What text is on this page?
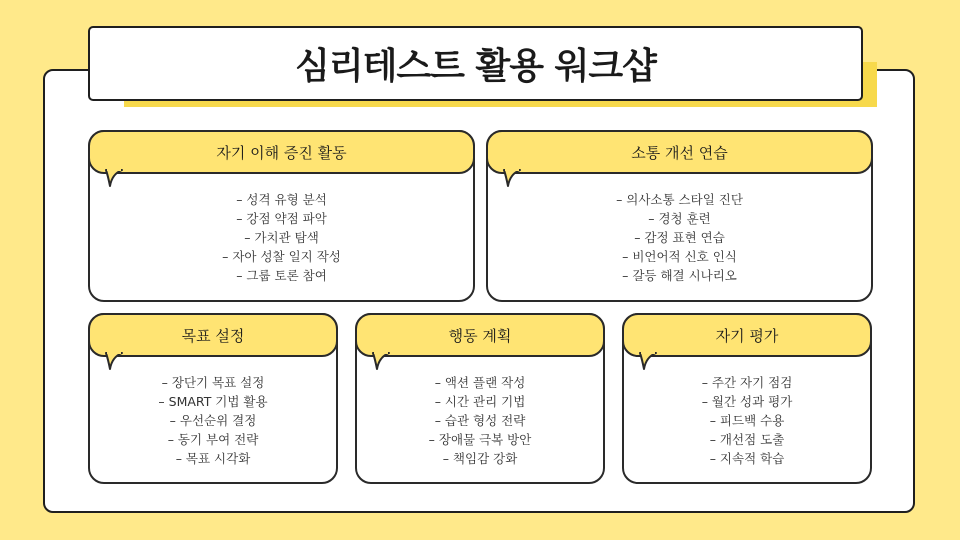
심리테스트 활용 워크샵
자기 이해 증진 활동
– 성격 유형 분석
– 강점 약점 파악
– 가치관 탐색
– 자아 성찰 일지 작성
– 그룹 토론 참여
소통 개선 연습
– 의사소통 스타일 진단
– 경청 훈련
– 감정 표현 연습
– 비언어적 신호 인식
– 갈등 해결 시나리오
목표 설정
– 장단기 목표 설정
– SMART 기법 활용
– 우선순위 결정
– 동기 부여 전략
– 목표 시각화
행동 계획
– 액션 플랜 작성
– 시간 관리 기법
– 습관 형성 전략
– 장애물 극복 방안
– 책임감 강화
자기 평가
– 주간 자기 점검
– 월간 성과 평가
– 피드백 수용
– 개선점 도출
– 지속적 학습
